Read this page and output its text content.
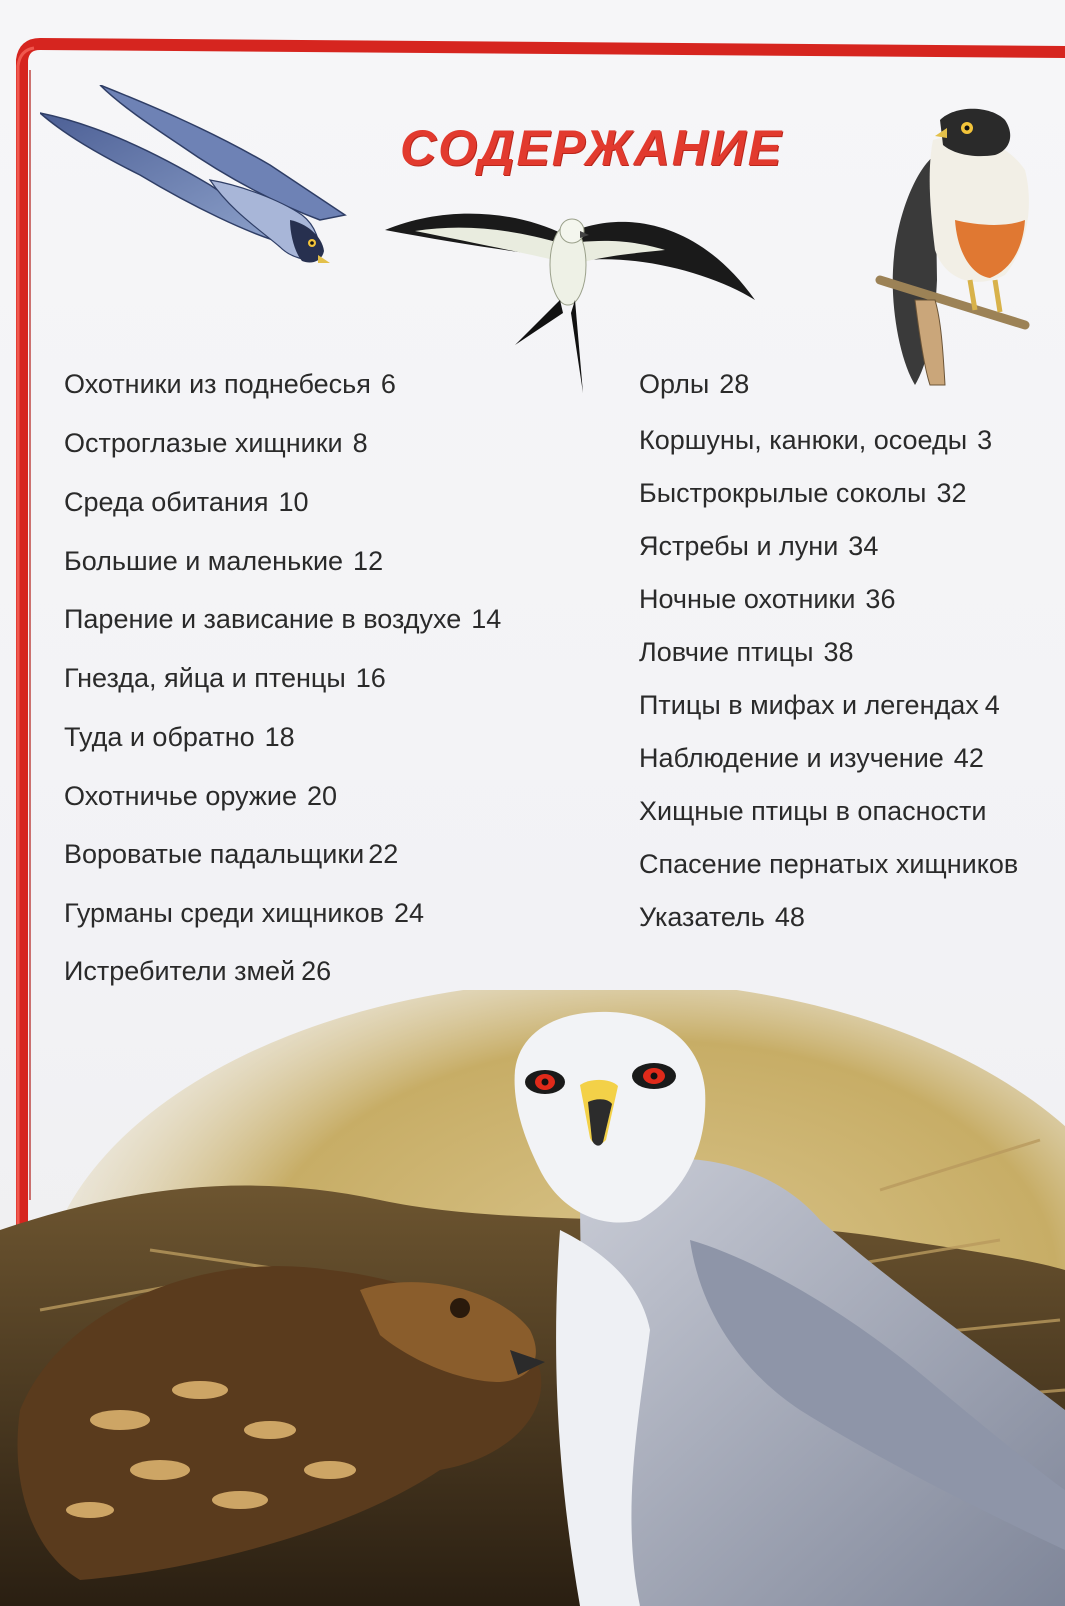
СОДЕРЖАНИЕ
Охотники из поднебесья 6
Остроглазые хищники 8
Среда обитания 10
Большие и маленькие 12
Парение и зависание в воздухе 14
Гнезда, яйца и птенцы 16
Туда и обратно 18
Охотничье оружие 20
Вороватые падальщики 22
Гурманы среди хищников 24
Истребители змей 26
Орлы 28
Коршуны, канюки, осоеды 3
Быстрокрылые соколы 32
Ястребы и луни 34
Ночные охотники 36
Ловчие птицы 38
Птицы в мифах и легендах 4
Наблюдение и изучение 42
Хищные птицы в опасности
Спасение пернатых хищников
Указатель 48
